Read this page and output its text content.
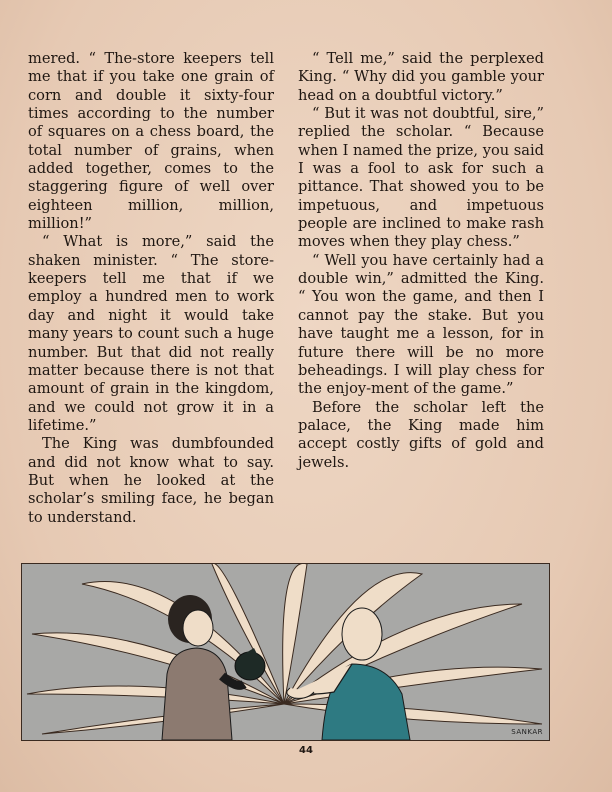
mered. “ The-store keepers tell me that if you take one grain of corn and double it sixty-four times according to the number of squares on a chess board, the total number of grains, when added together, comes to the staggering figure of well over eighteen million, million, million!”

“ What is more,” said the shaken minister. “ The store-keepers tell me that if we employ a hundred men to work day and night it would take many years to count such a huge number. But that did not really matter because there is not that amount of grain in the kingdom, and we could not grow it in a lifetime.”

The King was dumbfounded and did not know what to say. But when he looked at the scholar’s smiling face, he began to understand.

“ Tell me,” said the perplexed King. “ Why did you gamble your head on a doubtful victory.”

“ But it was not doubtful, sire,” replied the scholar. “ Because when I named the prize, you said I was a fool to ask for such a pittance. That showed you to be impetuous, and impetuous people are inclined to make rash moves when they play chess.”

“ Well you have certainly had a double win,” admitted the King. “ You won the game, and then I cannot pay the stake. But you have taught me a lesson, for in future there will be no more beheadings. I will play chess for the enjoy-ment of the game.”

Before the scholar left the palace, the King made him accept costly gifts of gold and jewels.

SANKAR
44
